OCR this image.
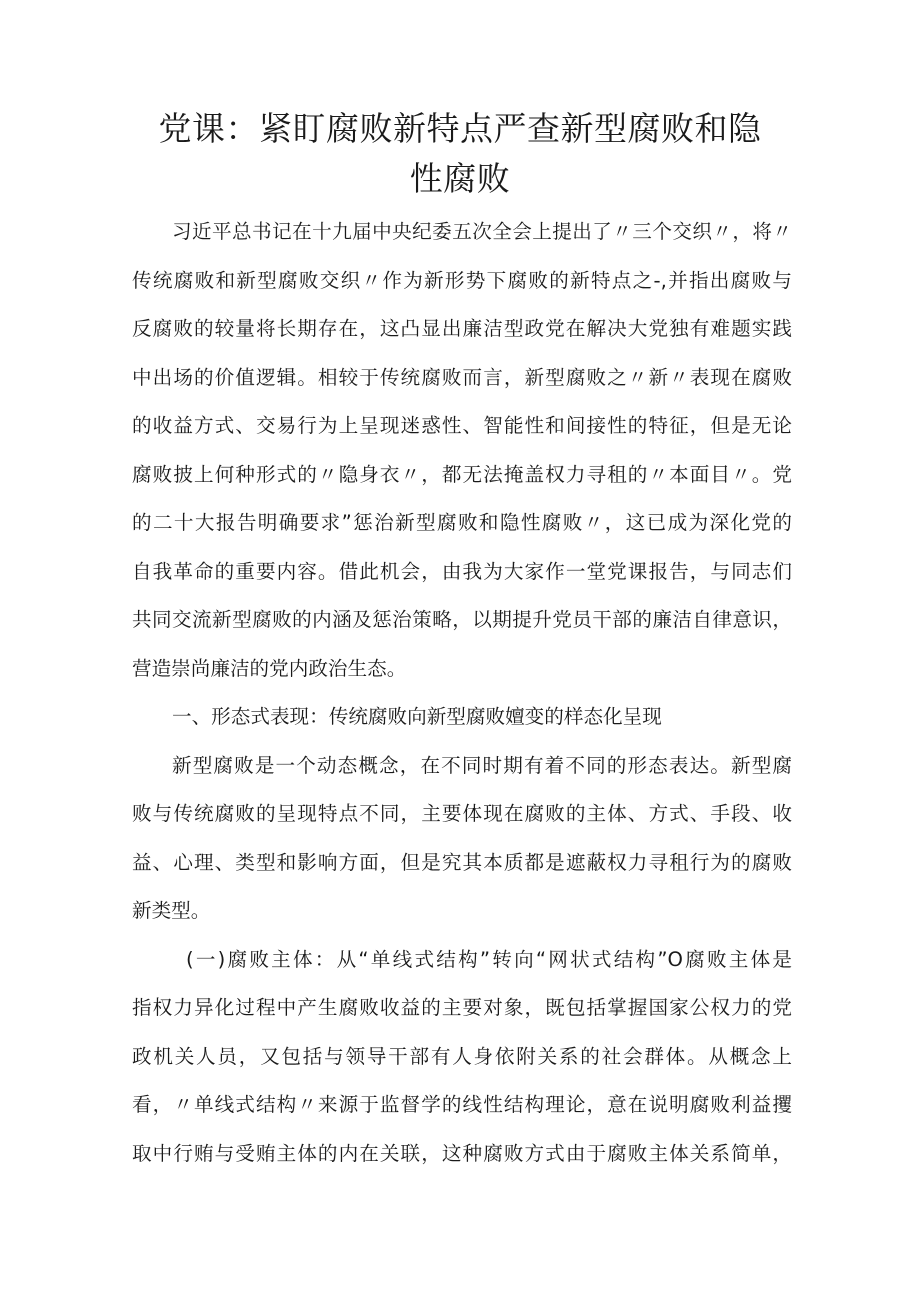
党课：紧盯腐败新特点严查新型腐败和隐
性腐败
习近平总书记在十九届中央纪委五次全会上提出了〃三个交织〃，将〃
传统腐败和新型腐败交织〃作为新形势下腐败的新特点之-,并指出腐败与
反腐败的较量将长期存在，这凸显出廉洁型政党在解决大党独有难题实践
中出场的价值逻辑。相较于传统腐败而言，新型腐败之〃新〃表现在腐败
的收益方式、交易行为上呈现迷惑性、智能性和间接性的特征，但是无论
腐败披上何种形式的〃隐身衣〃，都无法掩盖权力寻租的〃本面目〃。党
的二十大报告明确要求”惩治新型腐败和隐性腐败〃，这已成为深化党的
自我革命的重要内容。借此机会，由我为大家作一堂党课报告，与同志们
共同交流新型腐败的内涵及惩治策略，以期提升党员干部的廉洁自律意识，
营造崇尚廉洁的党内政治生态。
一、形态式表现：传统腐败向新型腐败嬗变的样态化呈现
新型腐败是一个动态概念，在不同时期有着不同的形态表达。新型腐
败与传统腐败的呈现特点不同，主要体现在腐败的主体、方式、手段、收
益、心理、类型和影响方面，但是究其本质都是遮蔽权力寻租行为的腐败
新类型。
(一)腐败主体：从“单线式结构”转向“网状式结构”O腐败主体是
指权力异化过程中产生腐败收益的主要对象，既包括掌握国家公权力的党
政机关人员，又包括与领导干部有人身依附关系的社会群体。从概念上
看，〃单线式结构〃来源于监督学的线性结构理论，意在说明腐败利益攫
取中行贿与受贿主体的内在关联，这种腐败方式由于腐败主体关系简单，
